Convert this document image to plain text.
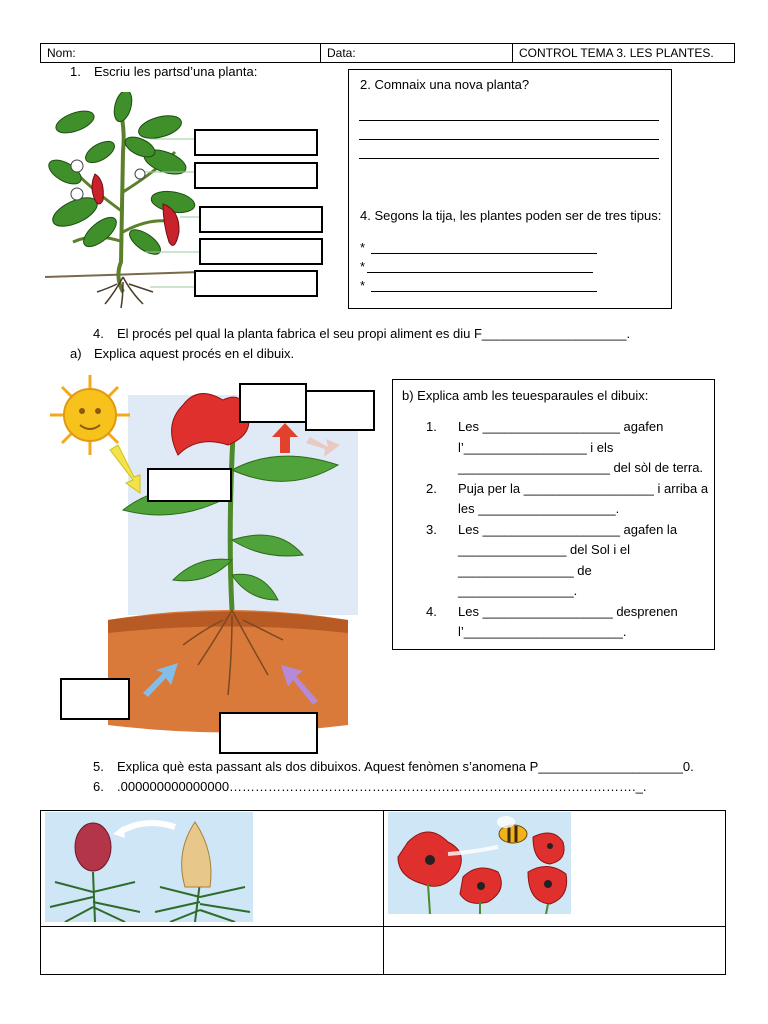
Nom:	Data:	CONTROL TEMA 3. LES PLANTES.
1. Escriu les partsd’una planta:
2. Comnaix una nova planta?
4. Segons la tija, les plantes poden ser de tres tipus:
*
*
*
4. El procés pel qual la planta fabrica el seu propi aliment es diu F____________________.
a) Explica aquest procés en el dibuix.
b) Explica amb les teuesparaules el dibuix:
1. Les ___________________ agafen
l’_________________ i els
_____________________ del sòl de terra.
2. Puja per la __________________ i arriba a
les ___________________.
3. Les ___________________ agafen la
_______________ del Sol i el
________________ de
________________.
4. Les __________________ desprenen
l’______________________.
5. Explica què esta passant als dos dibuixos. Aquest fenòmen s’anomena P____________________0.
6. .000000000000000…………………………………………………………………………………._.
